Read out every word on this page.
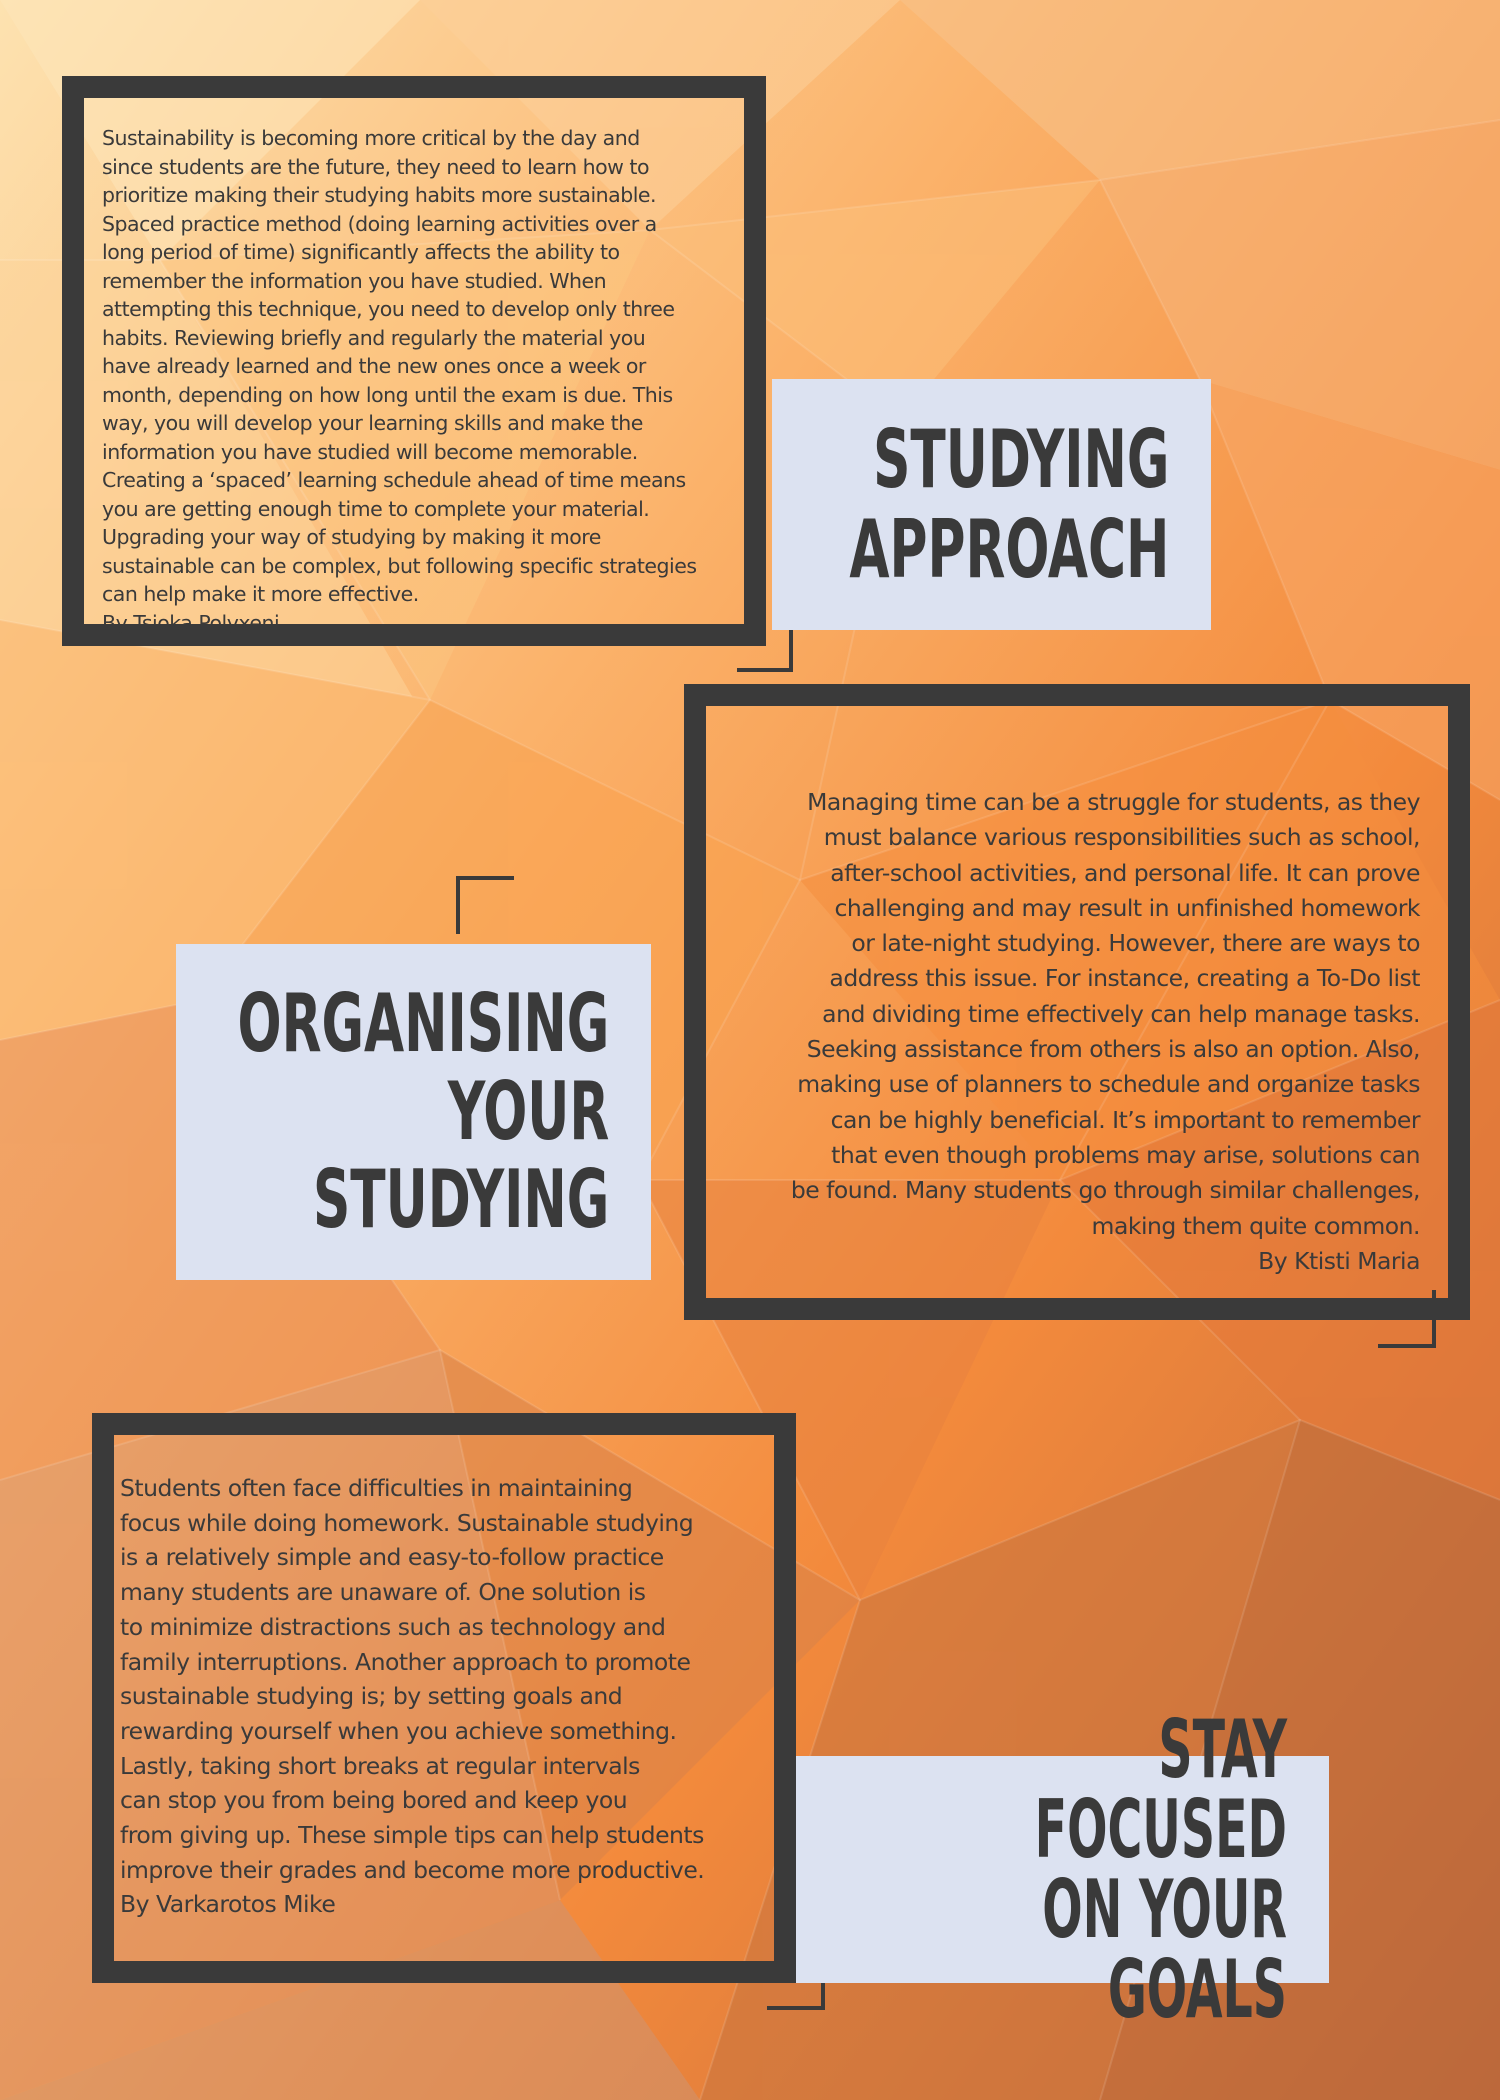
Sustainability is becoming more critical by the day and
since students are the future, they need to learn how to
prioritize making their studying habits more sustainable.
Spaced practice method (doing learning activities over a
long period of time) significantly affects the ability to
remember the information you have studied. When
attempting this technique, you need to develop only three
habits. Reviewing briefly and regularly the material you
have already learned and the new ones once a week or
month, depending on how long until the exam is due. This
way, you will develop your learning skills and make the
information you have studied will become memorable.
Creating a ‘spaced’ learning schedule ahead of time means
you are getting enough time to complete your material.
Upgrading your way of studying by making it more
sustainable can be complex, but following specific strategies
can help make it more effective.
By Tsioka Polyxeni
STUDYING
APPROACH
ORGANISING
YOUR
STUDYING
Managing time can be a struggle for students, as they
must balance various responsibilities such as school,
after-school activities, and personal life. It can prove
challenging and may result in unfinished homework
or late-night studying. However, there are ways to
address this issue. For instance, creating a To-Do list
and dividing time effectively can help manage tasks.
Seeking assistance from others is also an option. Also,
making use of planners to schedule and organize tasks
can be highly beneficial. It’s important to remember
that even though problems may arise, solutions can
be found. Many students go through similar challenges,
making them quite common.
By Ktisti Maria
Students often face difficulties in maintaining
focus while doing homework. Sustainable studying
is a relatively simple and easy-to-follow practice
many students are unaware of. One solution is
to minimize distractions such as technology and
family interruptions. Another approach to promote
sustainable studying is; by setting goals and
rewarding yourself when you achieve something.
Lastly, taking short breaks at regular intervals
can stop you from being bored and keep you
from giving up. These simple tips can help students
improve their grades and become more productive.
By Varkarotos Mike
STAY FOCUSED
ON YOUR GOALS
